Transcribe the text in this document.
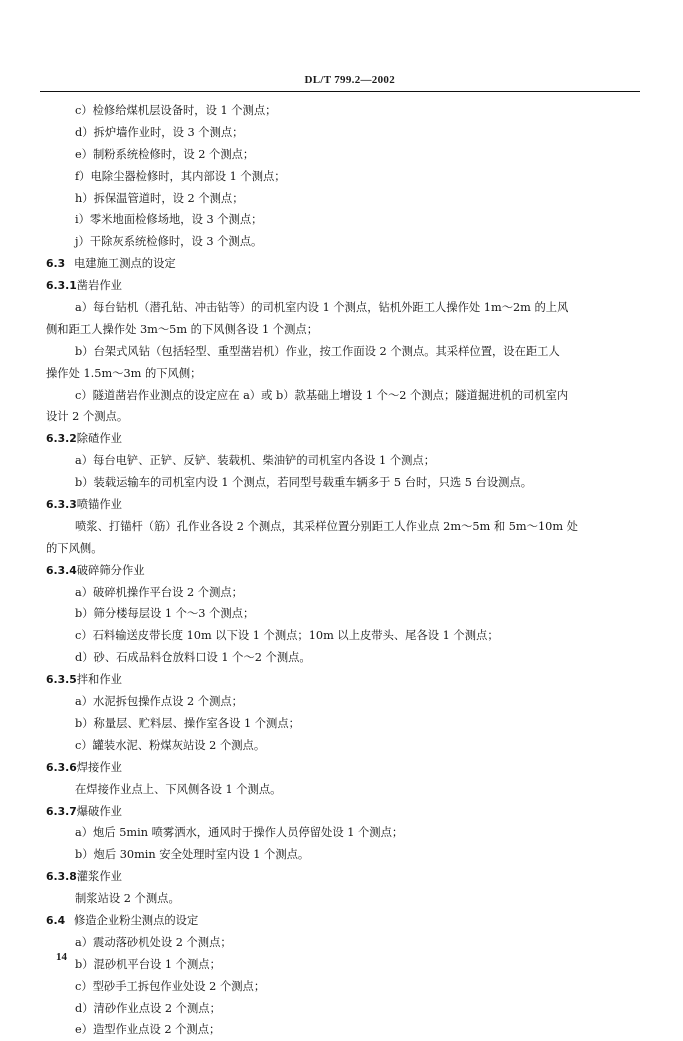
DL/T 799.2—2002
c）检修给煤机层设备时，设 1 个测点；
d）拆炉墙作业时，设 3 个测点；
e）制粉系统检修时，设 2 个测点；
f）电除尘器检修时，其内部设 1 个测点；
h）拆保温管道时，设 2 个测点；
i）零米地面检修场地，设 3 个测点；
j）干除灰系统检修时，设 3 个测点。
6.3 电建施工测点的设定
6.3.1凿岩作业
a）每台钻机（潜孔钻、冲击钻等）的司机室内设 1 个测点，钻机外距工人操作处 1m～2m 的上风
侧和距工人操作处 3m～5m 的下风侧各设 1 个测点；
b）台架式风钻（包括轻型、重型凿岩机）作业，按工作面设 2 个测点。其采样位置，设在距工人
操作处 1.5m～3m 的下风侧；
c）隧道凿岩作业测点的设定应在 a）或 b）款基础上增设 1 个～2 个测点；隧道掘进机的司机室内
设计 2 个测点。
6.3.2除碴作业
a）每台电铲、正铲、反铲、装载机、柴油铲的司机室内各设 1 个测点；
b）装载运输车的司机室内设 1 个测点，若同型号载重车辆多于 5 台时，只选 5 台设测点。
6.3.3喷锚作业
喷浆、打锚杆（筋）孔作业各设 2 个测点，其采样位置分别距工人作业点 2m～5m 和 5m～10m 处
的下风侧。
6.3.4破碎筛分作业
a）破碎机操作平台设 2 个测点；
b）筛分楼每层设 1 个～3 个测点；
c）石料输送皮带长度 10m 以下设 1 个测点；10m 以上皮带头、尾各设 1 个测点；
d）砂、石成品料仓放料口设 1 个～2 个测点。
6.3.5拌和作业
a）水泥拆包操作点设 2 个测点；
b）称量层、贮料层、操作室各设 1 个测点；
c）罐装水泥、粉煤灰站设 2 个测点。
6.3.6焊接作业
在焊接作业点上、下风侧各设 1 个测点。
6.3.7爆破作业
a）炮后 5min 喷雾洒水，通风时于操作人员停留处设 1 个测点；
b）炮后 30min 安全处理时室内设 1 个测点。
6.3.8灌浆作业
制浆站设 2 个测点。
6.4 修造企业粉尘测点的设定
a）震动落砂机处设 2 个测点；
b）混砂机平台设 1 个测点；
c）型砂手工拆包作业处设 2 个测点；
d）清砂作业点设 2 个测点；
e）造型作业点设 2 个测点；
14
